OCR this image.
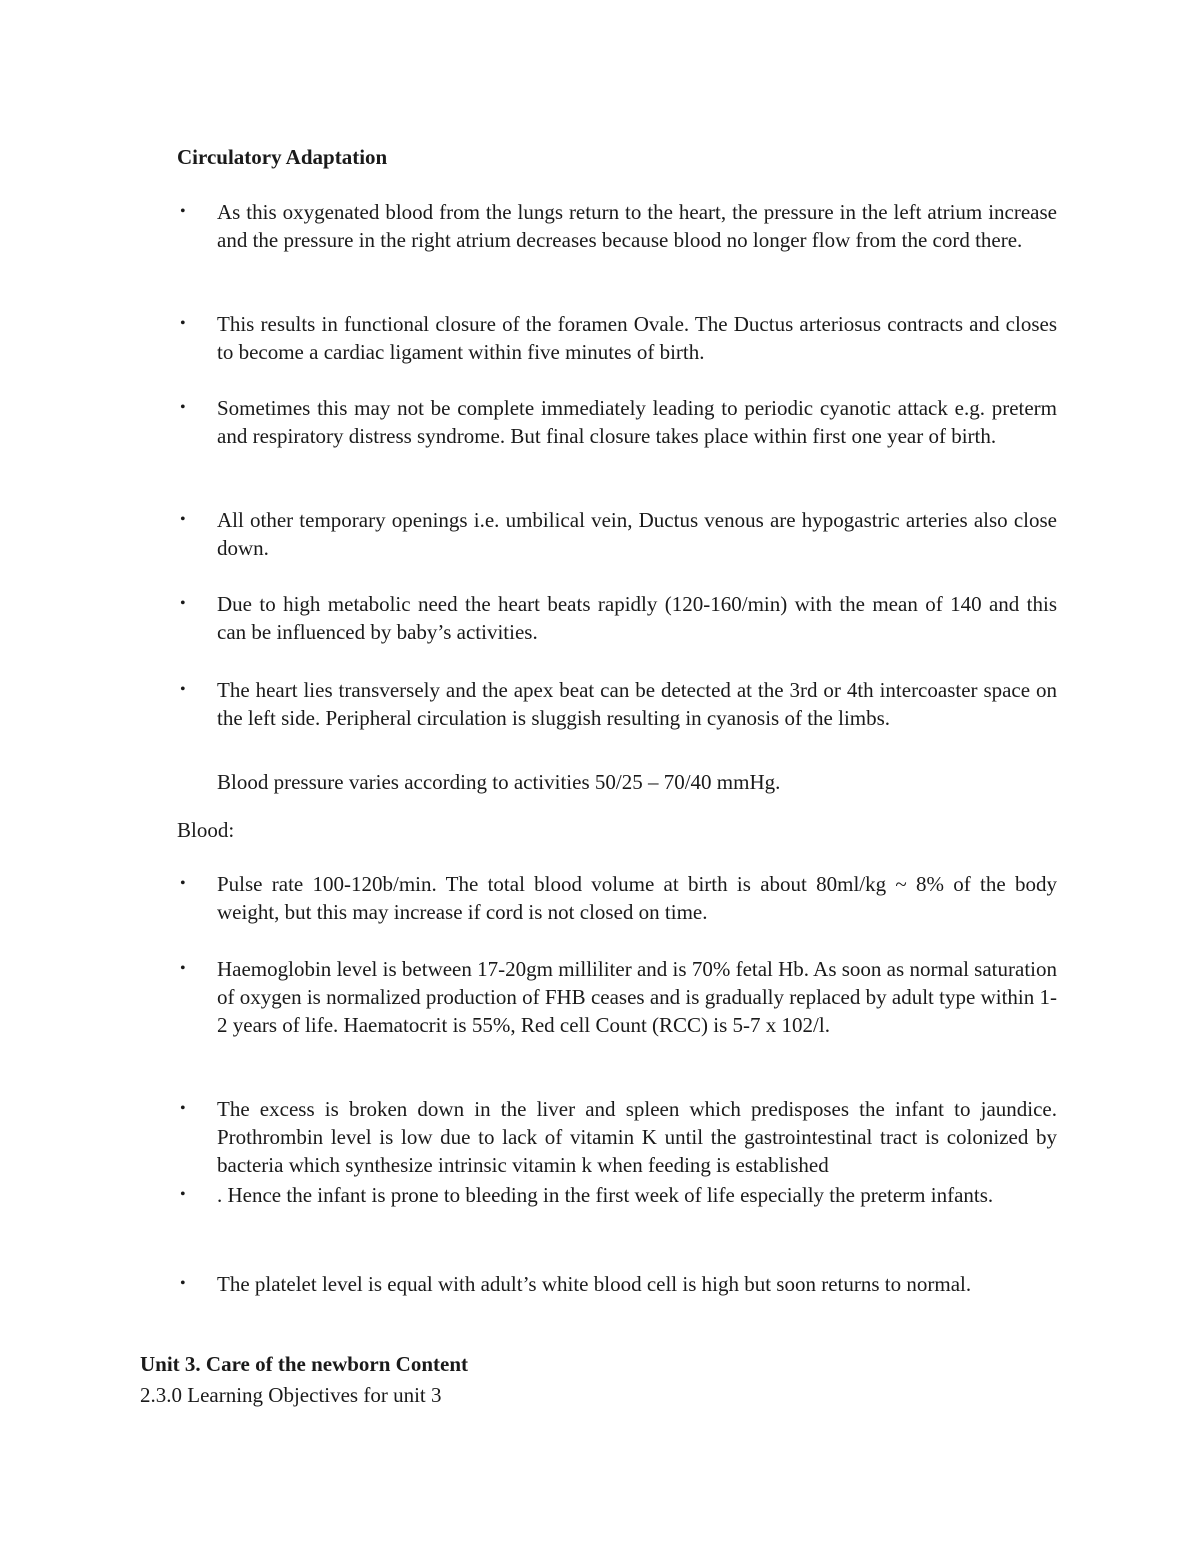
Circulatory Adaptation
• As this oxygenated blood from the lungs return to the heart, the pressure in the left atrium increase and the pressure in the right atrium decreases because blood no longer flow from the cord there.
• This results in functional closure of the foramen Ovale. The Ductus arteriosus contracts and closes to become a cardiac ligament within five minutes of birth.
• Sometimes this may not be complete immediately leading to periodic cyanotic attack e.g. preterm and respiratory distress syndrome. But final closure takes place within first one year of birth.
• All other temporary openings i.e. umbilical vein, Ductus venous are hypogastric arteries also close down.
• Due to high metabolic need the heart beats rapidly (120-160/min) with the mean of 140 and this can be influenced by baby’s activities.
• The heart lies transversely and the apex beat can be detected at the 3rd or 4th intercoaster space on the left side. Peripheral circulation is sluggish resulting in cyanosis of the limbs.
Blood pressure varies according to activities 50/25 – 70/40 mmHg.
Blood:
• Pulse rate 100-120b/min. The total blood volume at birth is about 80ml/kg ~ 8% of the body weight, but this may increase if cord is not closed on time.
• Haemoglobin level is between 17-20gm milliliter and is 70% fetal Hb. As soon as normal saturation of oxygen is normalized production of FHB ceases and is gradually replaced by adult type within 1-2 years of life. Haematocrit is 55%, Red cell Count (RCC) is 5-7 x 102/l.
• The excess is broken down in the liver and spleen which predisposes the infant to jaundice. Prothrombin level is low due to lack of vitamin K until the gastrointestinal tract is colonized by bacteria which synthesize intrinsic vitamin k when feeding is established
• . Hence the infant is prone to bleeding in the first week of life especially the preterm infants.
• The platelet level is equal with adult’s white blood cell is high but soon returns to normal.
Unit 3. Care of the newborn Content
2.3.0 Learning Objectives for unit 3
